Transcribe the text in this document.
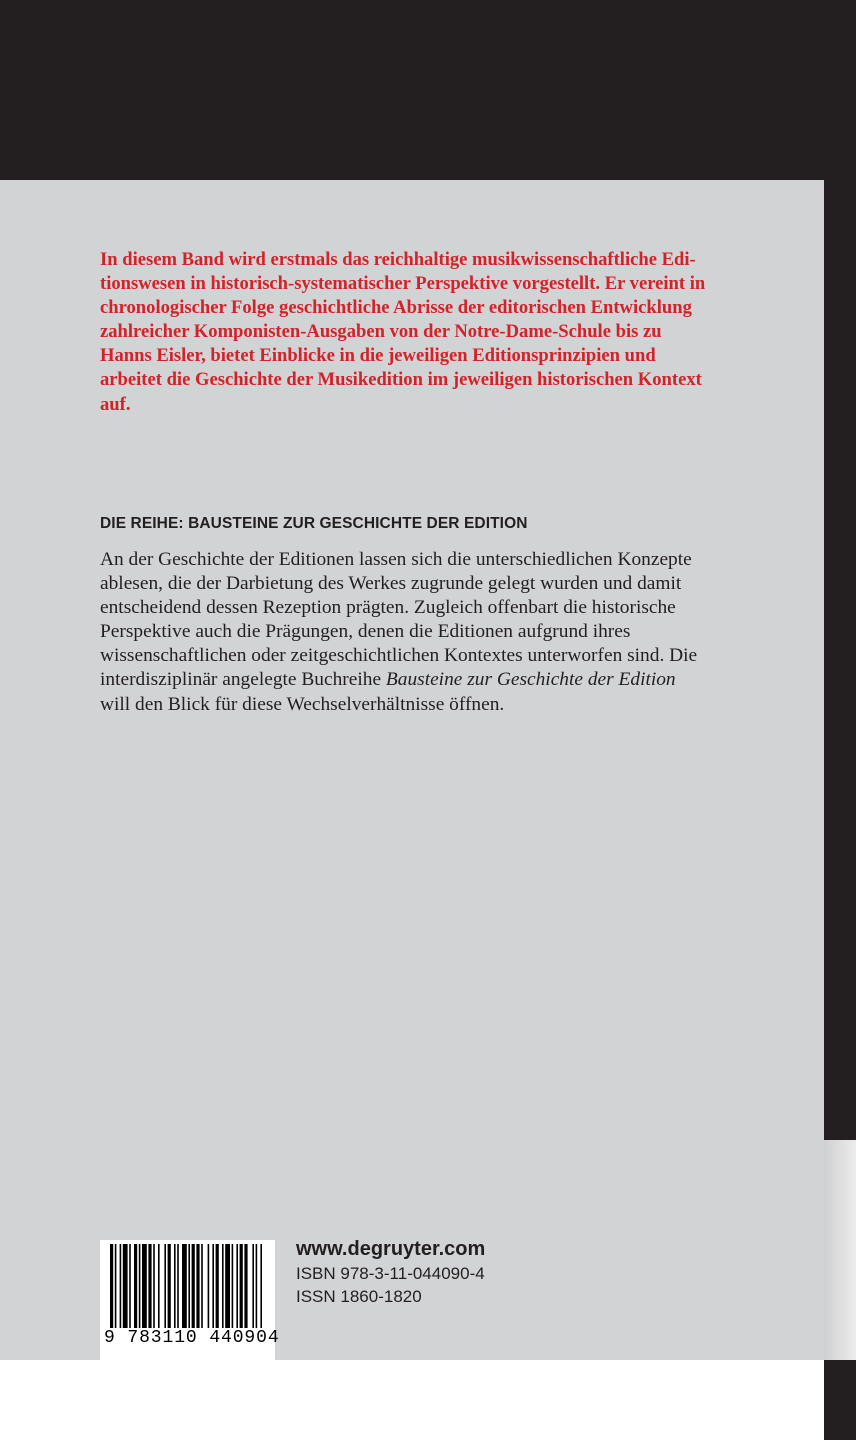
In diesem Band wird erstmals das reichhaltige musikwissenschaftliche Edi-
tionswesen in historisch-systematischer Perspektive vorgestellt. Er vereint in
chronologischer Folge geschichtliche Abrisse der editorischen Entwicklung
zahlreicher Komponisten-Ausgaben von der Notre-Dame-Schule bis zu
Hanns Eisler, bietet Einblicke in die jeweiligen Editionsprinzipien und
arbeitet die Geschichte der Musikedition im jeweiligen historischen Kontext
auf.

DIE REIHE: BAUSTEINE ZUR GESCHICHTE DER EDITION

An der Geschichte der Editionen lassen sich die unterschiedlichen Konzepte
ablesen, die der Darbietung des Werkes zugrunde gelegt wurden und damit
entscheidend dessen Rezeption prägten. Zugleich offenbart die historische
Perspektive auch die Prägungen, denen die Editionen aufgrund ihres
wissenschaftlichen oder zeitgeschichtlichen Kontextes unterworfen sind. Die
interdisziplinär angelegte Buchreihe Bausteine zur Geschichte der Edition
will den Blick für diese Wechselverhältnisse öffnen.

9 783110 440904
www.degruyter.com
ISBN 978-3-11-044090-4
ISSN 1860-1820
